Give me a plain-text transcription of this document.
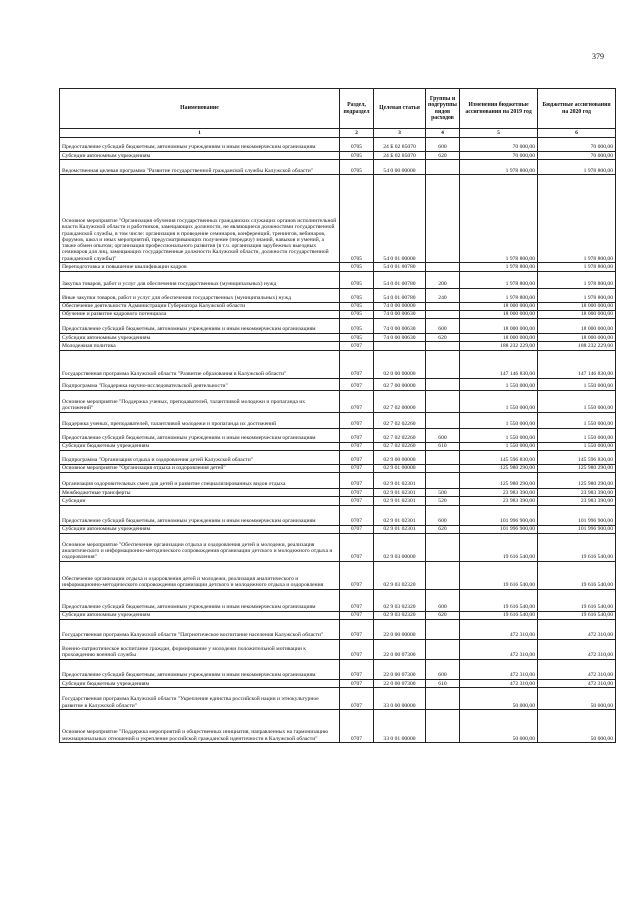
379
Наименование	Раздел, подраздел	Целевая статья	Группы и подгруппы видов расходов	Изменения бюджетные ассигнования на 2019 год	Бюджетные ассигнования на 2020 год
1	2	3	4	5	6
Предоставление субсидий бюджетным, автономным учреждениям и иным некоммерческим организациям	0705	24 Б 02 85070	600	70 000,00	70 000,00
Субсидии автономным учреждениям	0705	24 Б 02 85070	620	70 000,00	70 000,00
Ведомственная целевая программа "Развитие государственной гражданской службы Калужской области"	0705	54 0 00 00000		1 978 800,00	1 978 800,00
Основное мероприятие "Организация обучения государственных гражданских служащих органов исполнительной власти Калужской области и работников, замещающих должности, не являющиеся должностями государственной гражданской службы, в том числе: организация и проведение семинаров, конференций, тренингов, вебинаров, форумов, школ и иных мероприятий, предусматривающих получение (передачу) знаний, навыков и умений, а также обмен опытом; организация профессионального развития (в т.ч. организация зарубежных выездных семинаров для лиц, замещающих государственные должности Калужской области, должности государственной гражданской службы)"	0705	54 0 01 00000		1 978 800,00	1 978 800,00
Переподготовка и повышение квалификации кадров	0705	54 0 01 00780		1 978 800,00	1 978 800,00
Закупка товаров, работ и услуг для обеспечения государственных (муниципальных) нужд	0705	54 0 01 00780	200	1 978 800,00	1 978 800,00
Иные закупки товаров, работ и услуг для обеспечения государственных (муниципальных) нужд	0705	54 0 01 00780	240	1 978 800,00	1 978 800,00
Обеспечение деятельности Администрации Губернатора Калужской области	0705	74 0 00 00000		18 000 000,00	18 000 000,00
Обучение и развитие кадрового потенциала	0705	74 0 00 00630		18 000 000,00	18 000 000,00
Предоставление субсидий бюджетным, автономным учреждениям и иным некоммерческим организациям	0705	74 0 00 00630	600	18 000 000,00	18 000 000,00
Субсидии автономным учреждениям	0705	74 0 00 00630	620	18 000 000,00	18 000 000,00
Молодежная политика	0707			188 232 229,00	188 232 229,00
Государственная программа Калужской области "Развитие образования в Калужской области"	0707	02 0 00 00000		147 146 830,00	147 146 830,00
Подпрограмма "Поддержка научно-исследовательской деятельности"	0707	02 7 00 00000		1 550 000,00	1 550 000,00
Основное мероприятие "Поддержка ученых, преподавателей, талантливой молодежи и пропаганда их достижений"	0707	02 7 02 00000		1 550 000,00	1 550 000,00
Поддержка ученых, преподавателей, талантливой молодежи и пропаганда их достижений	0707	02 7 02 02260		1 550 000,00	1 550 000,00
Предоставление субсидий бюджетным, автономным учреждениям и иным некоммерческим организациям	0707	02 7 02 02260	600	1 550 000,00	1 550 000,00
Субсидии бюджетным учреждениям	0707	02 7 02 02260	610	1 550 000,00	1 550 000,00
Подпрограмма "Организация отдыха и оздоровления детей Калужской области"	0707	02 9 00 00000		145 596 830,00	145 596 830,00
Основное мероприятие "Организация отдыха и оздоровления детей"	0707	02 9 01 00000		125 980 290,00	125 980 290,00
Организация оздоровительных смен для детей и развитие специализированных видов отдыха	0707	02 9 01 02301		125 980 290,00	125 980 290,00
Межбюджетные трансферты	0707	02 9 01 02301	500	23 983 390,00	23 983 390,00
Субсидии	0707	02 9 01 02301	520	23 983 390,00	23 983 390,00
Предоставление субсидий бюджетным, автономным учреждениям и иным некоммерческим организациям	0707	02 9 01 02301	600	101 996 900,00	101 996 900,00
Субсидии автономным учреждениям	0707	02 9 01 02301	620	101 996 900,00	101 996 900,00
Основное мероприятие "Обеспечение организации отдыха и оздоровления детей и молодежи, реализация аналитического и информационно-методического сопровождения организации детского и молодежного отдыха и оздоровления"	0707	02 9 03 00000		19 616 540,00	19 616 540,00
Обеспечение организации отдыха и оздоровления детей и молодежи, реализация аналитического и информационно-методического сопровождения организации детского и молодежного отдыха и оздоровления	0707	02 9 03 02320		19 616 540,00	19 616 540,00
Предоставление субсидий бюджетным, автономным учреждениям и иным некоммерческим организациям	0707	02 9 03 02320	600	19 616 540,00	19 616 540,00
Субсидии автономным учреждениям	0707	02 9 03 02320	620	19 616 540,00	19 616 540,00
Государственная программа Калужской области "Патриотическое воспитание населения Калужской области"	0707	22 0 00 00000		472 310,00	472 310,00
Военно-патриотическое воспитание граждан, формирование у молодежи положительной мотивации к прохождению военной службы	0707	22 0 00 07300		472 310,00	472 310,00
Предоставление субсидий бюджетным, автономным учреждениям и иным некоммерческим организациям	0707	22 0 00 07300	600	472 310,00	472 310,00
Субсидии бюджетным учреждениям	0707	22 0 00 07300	610	472 310,00	472 310,00
Государственная программа Калужской области "Укрепление единства российской нации и этнокультурное развитие в Калужской области"	0707	33 0 00 00000		50 000,00	50 000,00
Основное мероприятие "Поддержка мероприятий и общественных инициатив, направленных на гармонизацию межнациональных отношений и укрепление российской гражданской идентичности в Калужской области"	0707	33 0 01 00000		50 000,00	50 000,00
